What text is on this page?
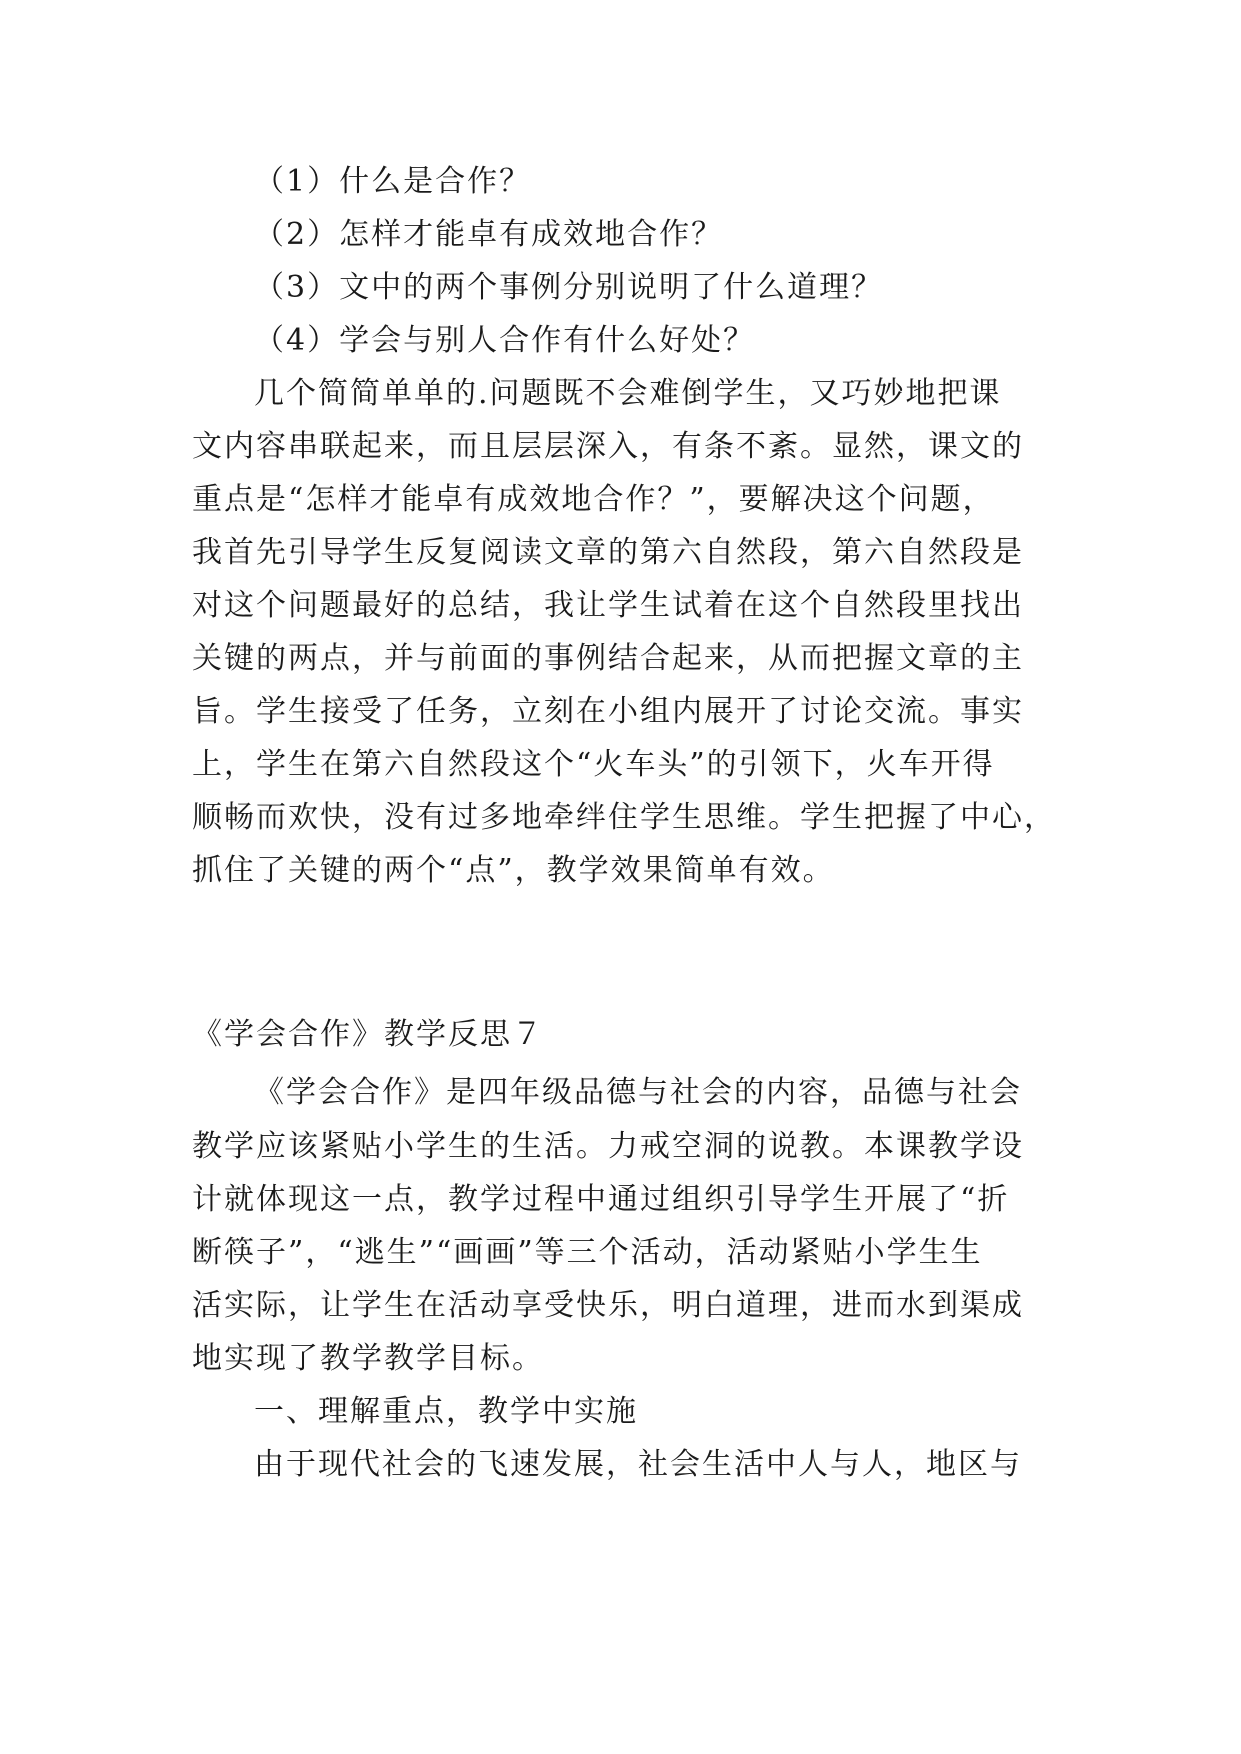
（1）什么是合作？
（2）怎样才能卓有成效地合作？
（3）文中的两个事例分别说明了什么道理？
（4）学会与别人合作有什么好处？
几个简简单单的.问题既不会难倒学生，又巧妙地把课
文内容串联起来，而且层层深入，有条不紊。显然，课文的
重点是“怎样才能卓有成效地合作？”，要解决这个问题，
我首先引导学生反复阅读文章的第六自然段，第六自然段是
对这个问题最好的总结，我让学生试着在这个自然段里找出
关键的两点，并与前面的事例结合起来，从而把握文章的主
旨。学生接受了任务，立刻在小组内展开了讨论交流。事实
上，学生在第六自然段这个“火车头”的引领下，火车开得
顺畅而欢快，没有过多地牵绊住学生思维。学生把握了中心，
抓住了关键的两个“点”，教学效果简单有效。
《学会合作》教学反思７
《学会合作》是四年级品德与社会的内容，品德与社会
教学应该紧贴小学生的生活。力戒空洞的说教。本课教学设
计就体现这一点，教学过程中通过组织引导学生开展了“折
断筷子”，“逃生”“画画”等三个活动，活动紧贴小学生生
活实际，让学生在活动享受快乐，明白道理，进而水到渠成
地实现了教学教学目标。
一、理解重点，教学中实施
由于现代社会的飞速发展，社会生活中人与人，地区与
